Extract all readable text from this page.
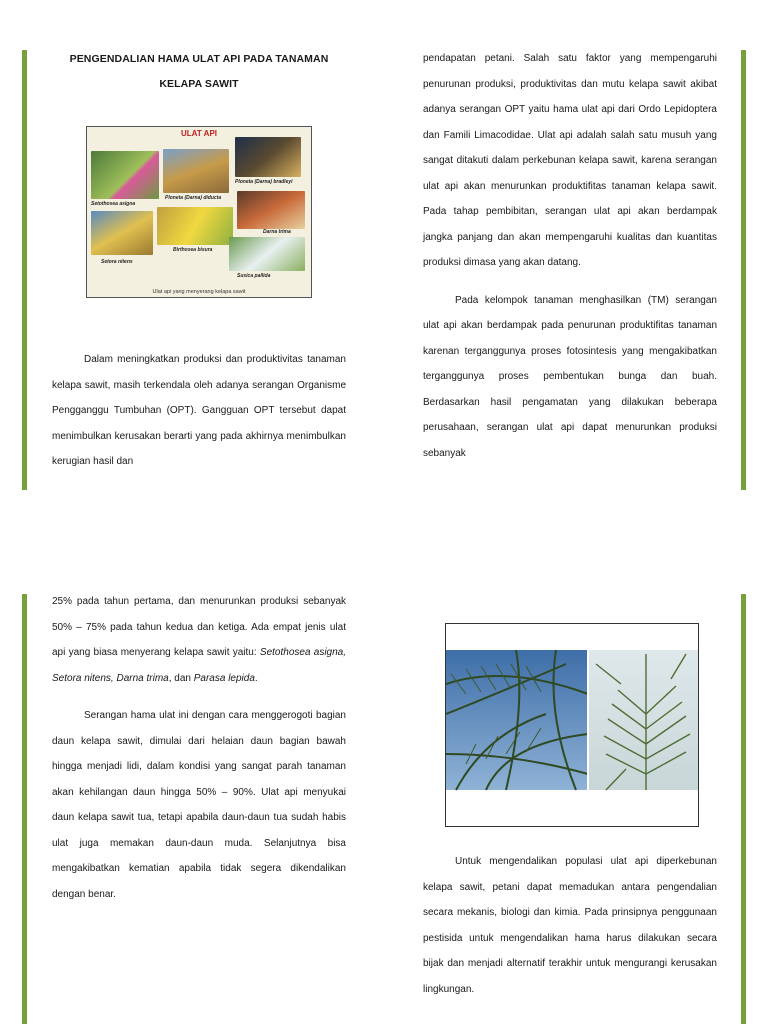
PENGENDALIAN HAMA ULAT API PADA TANAMAN
KELAPA SAWIT
ULAT API
Setothosea asigna
Ploneta (Darna) diducta
Ploneta (Darna) bradleyi
Setora nitens
Birthosea bisura
Darna trima
Susica pallida
Ulat api yang menyerang kelapa sawit

Dalam meningkatkan produksi dan produktivitas tanaman kelapa sawit, masih terkendala oleh adanya serangan Organisme Pengganggu Tumbuhan (OPT). Gangguan OPT tersebut dapat menimbulkan kerusakan berarti yang pada akhirnya menimbulkan kerugian hasil dan

pendapatan petani. Salah satu faktor yang mempengaruhi penurunan produksi, produktivitas dan mutu kelapa sawit akibat adanya serangan OPT yaitu hama ulat api dari Ordo Lepidoptera dan Famili Limacodidae. Ulat api adalah salah satu musuh yang sangat ditakuti dalam perkebunan kelapa sawit, karena serangan ulat api akan menurunkan produktifitas tanaman kelapa sawit. Pada tahap pembibitan, serangan ulat api akan berdampak jangka panjang dan akan mempengaruhi kualitas dan kuantitas produksi dimasa yang akan datang.

Pada kelompok tanaman menghasilkan (TM) serangan ulat api akan berdampak pada penurunan produktifitas tanaman karenan terganggunya proses fotosintesis yang mengakibatkan terganggunya proses pembentukan bunga dan buah. Berdasarkan hasil pengamatan yang dilakukan beberapa perusahaan, serangan ulat api dapat menurunkan produksi sebanyak

25% pada tahun pertama, dan menurunkan produksi sebanyak 50% – 75% pada tahun kedua dan ketiga. Ada empat jenis ulat api yang biasa menyerang kelapa sawit yaitu: Setothosea asigna, Setora nitens, Darna trima, dan Parasa lepida.

Serangan hama ulat ini dengan cara menggerogoti bagian daun kelapa sawit, dimulai dari helaian daun bagian bawah hingga menjadi lidi, dalam kondisi yang sangat parah tanaman akan kehilangan daun hingga 50% – 90%. Ulat api menyukai daun kelapa sawit tua, tetapi apabila daun-daun tua sudah habis ulat juga memakan daun-daun muda. Selanjutnya bisa mengakibatkan kematian apabila tidak segera dikendalikan dengan benar.

Untuk mengendalikan populasi ulat api diperkebunan kelapa sawit, petani dapat memadukan antara pengendalian secara mekanis, biologi dan kimia. Pada prinsipnya penggunaan pestisida untuk mengendalikan hama harus dilakukan secara bijak dan menjadi alternatif terakhir untuk mengurangi kerusakan lingkungan.
